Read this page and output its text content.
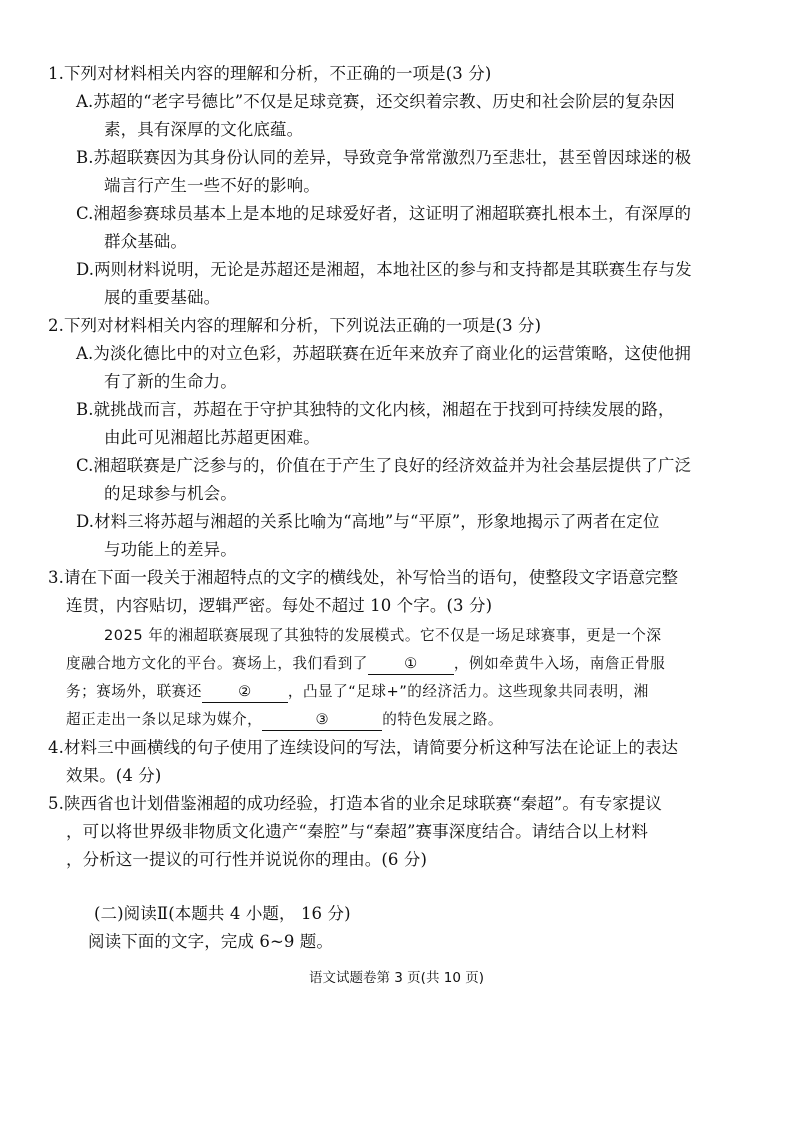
1.下列对材料相关内容的理解和分析，不正确的一项是(3 分)
A.苏超的“老字号德比”不仅是足球竞赛，还交织着宗教、历史和社会阶层的复杂因
素，具有深厚的文化底蕴。
B.苏超联赛因为其身份认同的差异，导致竞争常常激烈乃至悲壮，甚至曾因球迷的极
端言行产生一些不好的影响。
C.湘超参赛球员基本上是本地的足球爱好者，这证明了湘超联赛扎根本土，有深厚的
群众基础。
D.两则材料说明，无论是苏超还是湘超，本地社区的参与和支持都是其联赛生存与发
展的重要基础。
2.下列对材料相关内容的理解和分析，下列说法正确的一项是(3 分)
A.为淡化德比中的对立色彩，苏超联赛在近年来放弃了商业化的运营策略，这使他拥
有了新的生命力。
B.就挑战而言，苏超在于守护其独特的文化内核，湘超在于找到可持续发展的路，
由此可见湘超比苏超更困难。
C.湘超联赛是广泛参与的，价值在于产生了良好的经济效益并为社会基层提供了广泛
的足球参与机会。
D.材料三将苏超与湘超的关系比喻为“高地”与“平原”，形象地揭示了两者在定位
与功能上的差异。
3.请在下面一段关于湘超特点的文字的横线处，补写恰当的语句，使整段文字语意完整
连贯，内容贴切，逻辑严密。每处不超过 10 个字。(3 分)
2025 年的湘超联赛展现了其独特的发展模式。它不仅是一场足球赛事，更是一个深
度融合地方文化的平台。赛场上，我们看到了 ① ，例如牵黄牛入场，南詹正骨服
务；赛场外，联赛还 ② ，凸显了“足球+”的经济活力。这些现象共同表明，湘
超正走出一条以足球为媒介，	③	的特色发展之路。
4.材料三中画横线的句子使用了连续设问的写法，请简要分析这种写法在论证上的表达
效果。(4 分)
5.陕西省也计划借鉴湘超的成功经验，打造本省的业余足球联赛“秦超”。有专家提议
，可以将世界级非物质文化遗产“秦腔”与“秦超”赛事深度结合。请结合以上材料
，分析这一提议的可行性并说说你的理由。(6 分)
(二)阅读Ⅱ(本题共 4 小题， 16 分)
阅读下面的文字，完成 6~9 题。
语文试题卷第 3 页(共 10 页)
